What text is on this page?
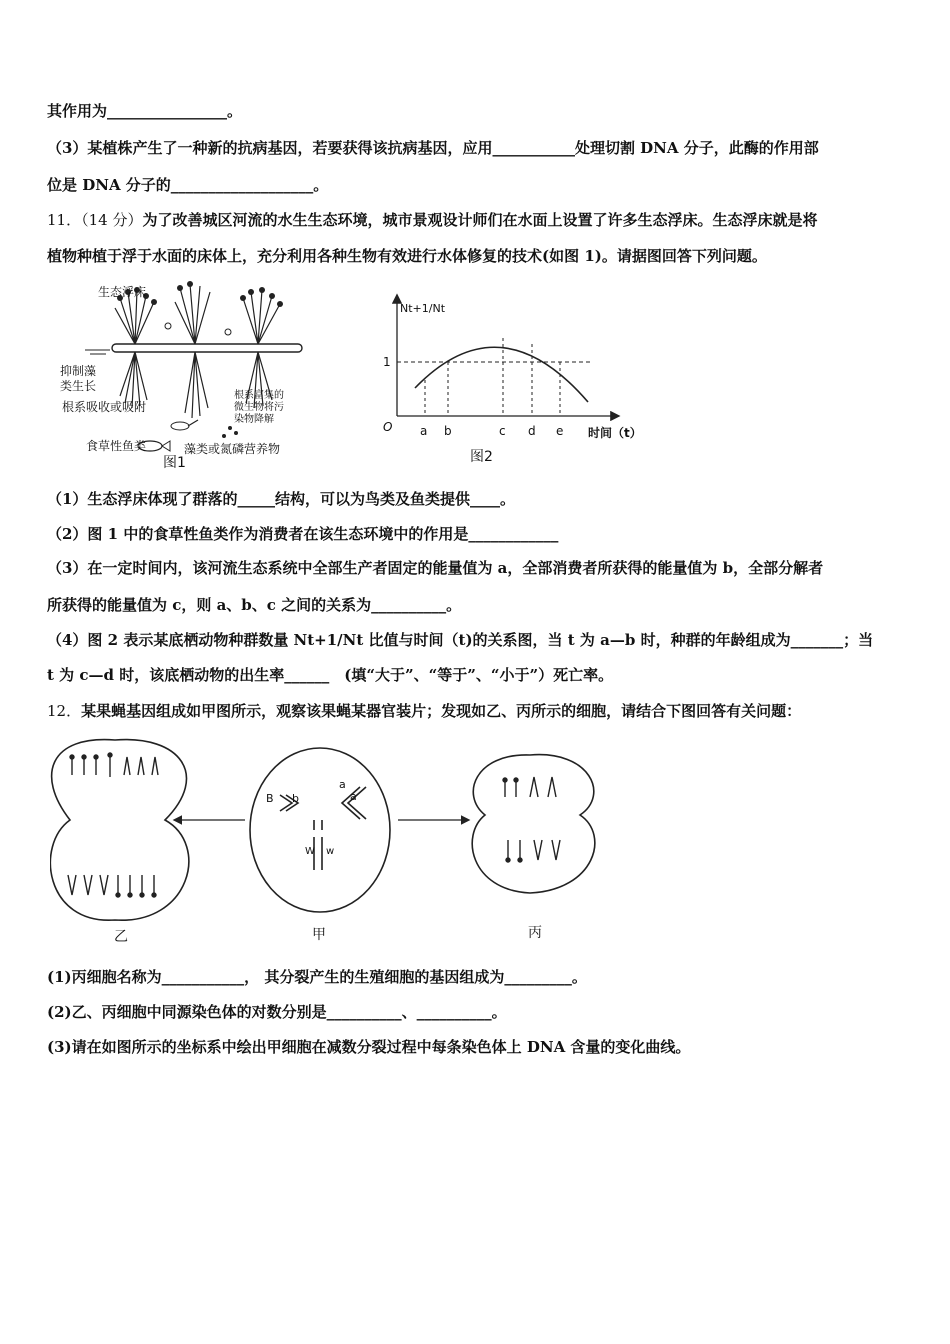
其作用为________________。
（3）某植株产生了一种新的抗病基因，若要获得该抗病基因，应用___________处理切割 DNA 分子，此酶的作用部
位是 DNA 分子的___________________。
11．（14 分）为了改善城区河流的水生生态环境，城市景观设计师们在水面上设置了许多生态浮床。生态浮床就是将
植物种植于浮于水面的床体上，充分利用各种生物有效进行水体修复的技术(如图 1)。请据图回答下列问题。
生态浮床
抑制藻
类生长
根系吸收或吸附
根系富集的
微生物将污
染物降解
食草性鱼类	藻类或氮磷营养物
图1
Nt+1/Nt
1
O a b	c d e 时间（t）
图2
（1）生态浮床体现了群落的_____结构，可以为鸟类及鱼类提供____。
（2）图 1 中的食草性鱼类作为消费者在该生态环境中的作用是____________
（3）在一定时间内，该河流生态系统中全部生产者固定的能量值为 a，全部消费者所获得的能量值为 b，全部分解者
所获得的能量值为 c，则 a、b、c 之间的关系为__________。
（4）图 2 表示某底栖动物种群数量 Nt+1/Nt 比值与时间（t)的关系图，当 t 为 a—b 时，种群的年龄组成为_______；当
t 为 c—d 时，该底栖动物的出生率______　(填“大于”、“等于”、“小于”）死亡率。
12．某果蝇基因组成如甲图所示，观察该果蝇某器官装片；发现如乙、丙所示的细胞，请结合下图回答有关问题：
B b
a
a
W w
乙	甲	丙
(1)丙细胞名称为___________， 其分裂产生的生殖细胞的基因组成为_________。
(2)乙、丙细胞中同源染色体的对数分别是__________、__________。
(3)请在如图所示的坐标系中绘出甲细胞在减数分裂过程中每条染色体上 DNA 含量的变化曲线。
